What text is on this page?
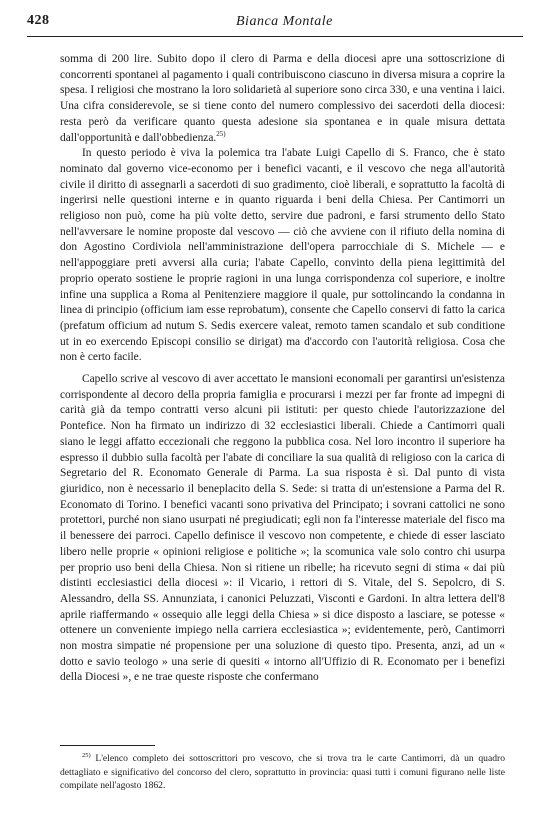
428	Bianca Montale

somma di 200 lire. Subito dopo il clero di Parma e della diocesi apre una sottoscrizione di concorrenti spontanei al pagamento i quali contribuiscono ciascuno in diversa misura a coprire la spesa. I religiosi che mostrano la loro solidarietà al superiore sono circa 330, e una ventina i laici. Una cifra considerevole, se si tiene conto del numero complessivo dei sacerdoti della diocesi: resta però da verificare quanto questa adesione sia spontanea e in quale misura dettata dall'opportunità e dall'obbedienza.$^{25)}$

In questo periodo è viva la polemica tra l'abate Luigi Capello di S. Franco, che è stato nominato dal governo vice-economo per i benefici vacanti, e il vescovo che nega all'autorità civile il diritto di assegnarli a sacerdoti di suo gradimento, cioè liberali, e soprattutto la facoltà di ingerirsi nelle questioni interne e in quanto riguarda i beni della Chiesa. Per Cantimorri un religioso non può, come ha più volte detto, servire due padroni, e farsi strumento dello Stato nell'avversare le nomine proposte dal vescovo — ciò che avviene con il rifiuto della nomina di don Agostino Cordiviola nell'amministrazione dell'opera parrocchiale di S. Michele — e nell'appoggiare preti avversi alla curia; l'abate Capello, convinto della piena legittimità del proprio operato sostiene le proprie ragioni in una lunga corrispondenza col superiore, e inoltre infine una supplica a Roma al Penitenziere maggiore il quale, pur sottolincando la condanna in linea di principio (officium iam esse reprobatum), consente che Capello conservi di fatto la carica (prefatum officium ad nutum S. Sedis exercere valeat, remoto tamen scandalo et sub conditione ut in eo exercendo Episcopi consilio se dirigat) ma d'accordo con l'autorità religiosa. Cosa che non è certo facile.

Capello scrive al vescovo di aver accettato le mansioni economali per garantirsi un'esistenza corrispondente al decoro della propria famiglia e procurarsi i mezzi per far fronte ad impegni di carità già da tempo contratti verso alcuni pii istituti: per questo chiede l'autorizzazione del Pontefice. Non ha firmato un indirizzo di 32 ecclesiastici liberali. Chiede a Cantimorri quali siano le leggi affatto eccezionali che reggono la pubblica cosa. Nel loro incontro il superiore ha espresso il dubbio sulla facoltà per l'abate di conciliare la sua qualità di religioso con la carica di Segretario del R. Economato Generale di Parma. La sua risposta è sì. Dal punto di vista giuridico, non è necessario il beneplacito della S. Sede: si tratta di un'estensione a Parma del R. Economato di Torino. I benefici vacanti sono privativa del Principato; i sovrani cattolici ne sono protettori, purché non siano usurpati né pregiudicati; egli non fa l'interesse materiale del fisco ma il benessere dei parroci. Capello definisce il vescovo non competente, e chiede di esser lasciato libero nelle proprie « opinioni religiose e politiche »; la scomunica vale solo contro chi usurpa per proprio uso beni della Chiesa. Non si ritiene un ribelle; ha ricevuto segni di stima « dai più distinti ecclesiastici della diocesi »: il Vicario, i rettori di S. Vitale, del S. Sepolcro, di S. Alessandro, della SS. Annunziata, i canonici Peluzzati, Visconti e Gardoni. In altra lettera dell'8 aprile riaffermando « ossequio alle leggi della Chiesa » si dice disposto a lasciare, se potesse « ottenere un conveniente impiego nella carriera ecclesiastica »; evidentemente, però, Cantimorri non mostra simpatie né propensione per una soluzione di questo tipo. Presenta, anzi, ad un « dotto e savio teologo » una serie di quesiti « intorno all'Uffizio di R. Economato per i benefizi della Diocesi », e ne trae queste risposte che confermano

$^{25)}$ L'elenco completo dei sottoscrittori pro vescovo, che si trova tra le carte Cantimorri, dà un quadro dettagliato e significativo del concorso del clero, soprattutto in provincia: quasi tutti i comuni figurano nelle liste compilate nell'agosto 1862.
